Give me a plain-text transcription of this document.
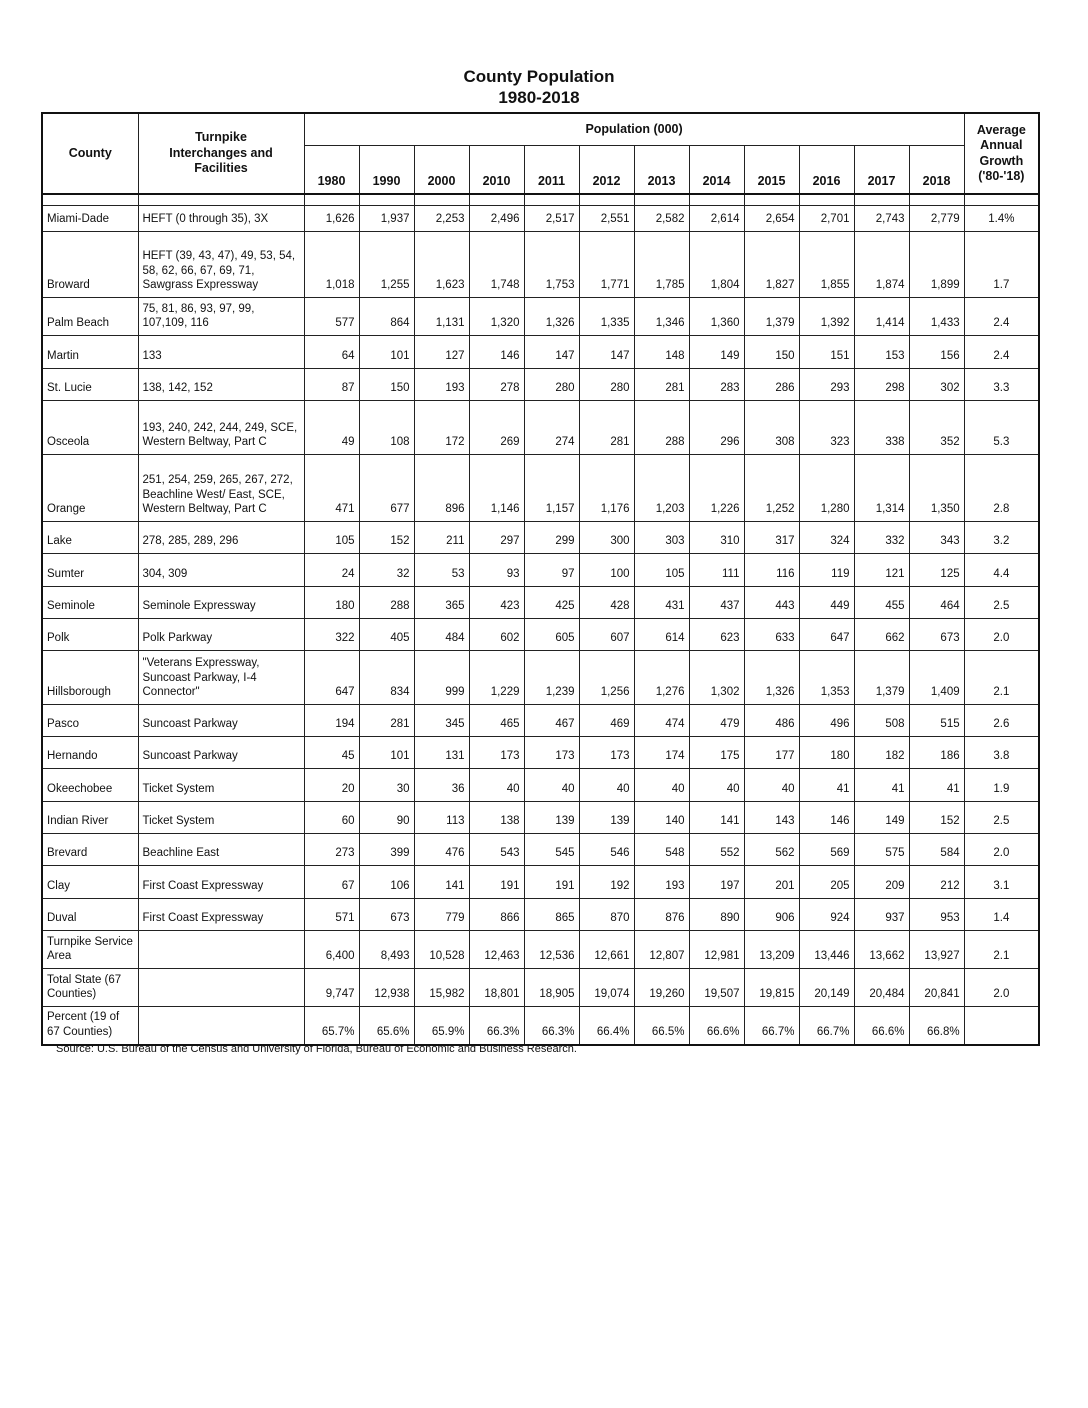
County Population
1980-2018
County	Turnpike Interchanges and Facilities	Population (000)												Average Annual Growth ('80-'18)
		1980	1990	2000	2010	2011	2012	2013	2014	2015	2016	2017	2018	

Miami-Dade	HEFT (0 through 35), 3X	1,626	1,937	2,253	2,496	2,517	2,551	2,582	2,614	2,654	2,701	2,743	2,779	1.4%
Broward	HEFT (39, 43, 47), 49, 53, 54, 58, 62, 66, 67, 69, 71, Sawgrass Expressway	1,018	1,255	1,623	1,748	1,753	1,771	1,785	1,804	1,827	1,855	1,874	1,899	1.7
Palm Beach	75, 81, 86, 93, 97, 99, 107,109, 116	577	864	1,131	1,320	1,326	1,335	1,346	1,360	1,379	1,392	1,414	1,433	2.4
Martin	133	64	101	127	146	147	147	148	149	150	151	153	156	2.4
St. Lucie	138, 142, 152	87	150	193	278	280	280	281	283	286	293	298	302	3.3
Osceola	193, 240, 242, 244, 249, SCE, Western Beltway, Part C	49	108	172	269	274	281	288	296	308	323	338	352	5.3
Orange	251, 254, 259, 265, 267, 272, Beachline West/ East, SCE, Western Beltway, Part C	471	677	896	1,146	1,157	1,176	1,203	1,226	1,252	1,280	1,314	1,350	2.8
Lake	278, 285, 289, 296	105	152	211	297	299	300	303	310	317	324	332	343	3.2
Sumter	304, 309	24	32	53	93	97	100	105	111	116	119	121	125	4.4
Seminole	Seminole Expressway	180	288	365	423	425	428	431	437	443	449	455	464	2.5
Polk	Polk Parkway	322	405	484	602	605	607	614	623	633	647	662	673	2.0
Hillsborough	"Veterans Expressway, Suncoast Parkway, I-4 Connector"	647	834	999	1,229	1,239	1,256	1,276	1,302	1,326	1,353	1,379	1,409	2.1
Pasco	Suncoast Parkway	194	281	345	465	467	469	474	479	486	496	508	515	2.6
Hernando	Suncoast Parkway	45	101	131	173	173	173	174	175	177	180	182	186	3.8
Okeechobee	Ticket System	20	30	36	40	40	40	40	40	40	41	41	41	1.9
Indian River	Ticket System	60	90	113	138	139	139	140	141	143	146	149	152	2.5
Brevard	Beachline East	273	399	476	543	545	546	548	552	562	569	575	584	2.0
Clay	First Coast Expressway	67	106	141	191	191	192	193	197	201	205	209	212	3.1
Duval	First Coast Expressway	571	673	779	866	865	870	876	890	906	924	937	953	1.4
Turnpike Service Area		6,400	8,493	10,528	12,463	12,536	12,661	12,807	12,981	13,209	13,446	13,662	13,927	2.1
Total State (67 Counties)		9,747	12,938	15,982	18,801	18,905	19,074	19,260	19,507	19,815	20,149	20,484	20,841	2.0
Percent (19 of 67 Counties)		65.7%	65.6%	65.9%	66.3%	66.3%	66.4%	66.5%	66.6%	66.7%	66.7%	66.6%	66.8%	
Source: U.S. Bureau of the Census and University of Florida, Bureau of Economic and Business Research.
